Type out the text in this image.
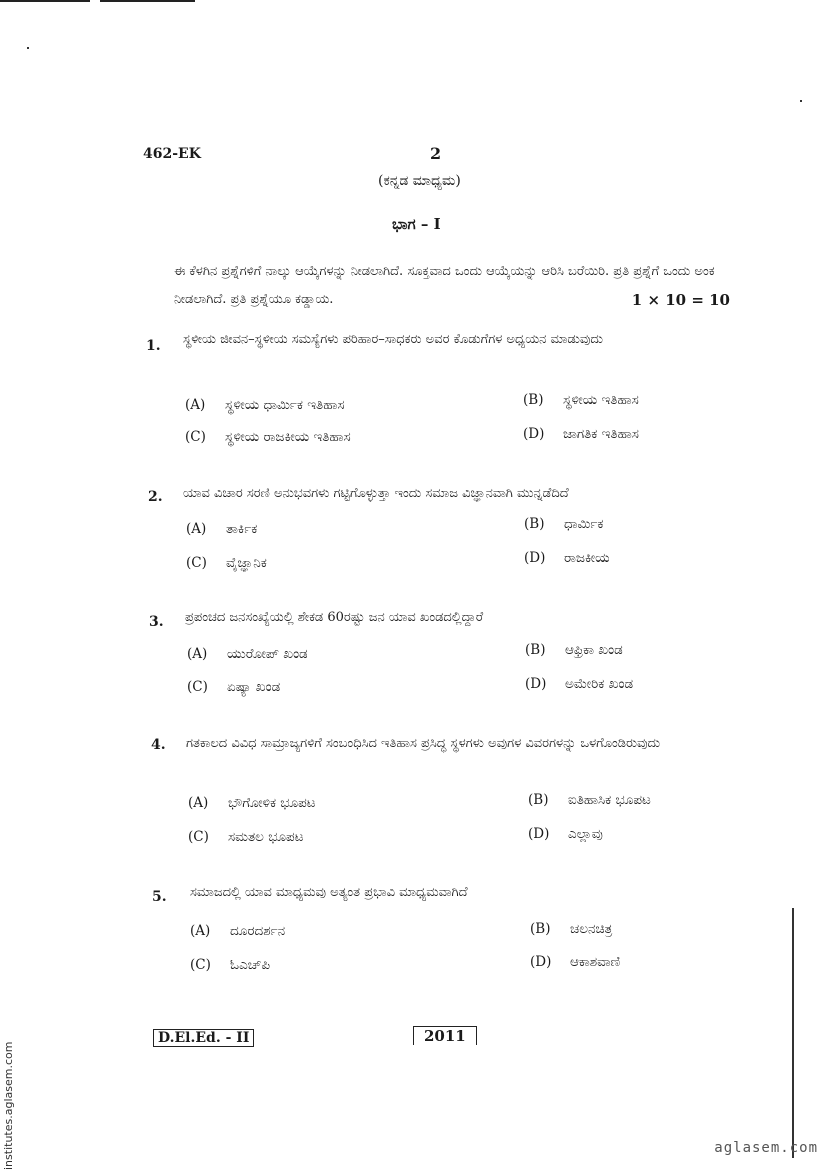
462-EK	2
(ಕನ್ನಡ ಮಾಧ್ಯಮ)
ಭಾಗ – I
ಈ ಕೆಳಗಿನ ಪ್ರಶ್ನೆಗಳಿಗೆ ನಾಲ್ಕು ಆಯ್ಕೆಗಳನ್ನು ನೀಡಲಾಗಿದೆ. ಸೂಕ್ತವಾದ ಒಂದು ಆಯ್ಕೆಯನ್ನು ಆರಿಸಿ ಬರೆಯಿರಿ. ಪ್ರತಿ ಪ್ರಶ್ನೆಗೆ ಒಂದು ಅಂಕ ನೀಡಲಾಗಿದೆ. ಪ್ರತಿ ಪ್ರಶ್ನೆಯೂ ಕಡ್ಡಾಯ.	1 × 10 = 10
1. ಸ್ಥಳೀಯ ಜೀವನ–ಸ್ಥಳೀಯ ಸಮಸ್ಯೆಗಳು ಪರಿಹಾರ–ಸಾಧಕರು ಅವರ ಕೊಡುಗೆಗಳ ಅಧ್ಯಯನ ಮಾಡುವುದು
(A) ಸ್ಥಳೀಯ ಧಾರ್ಮಿಕ ಇತಿಹಾಸ	(B) ಸ್ಥಳೀಯ ಇತಿಹಾಸ
(C) ಸ್ಥಳೀಯ ರಾಜಕೀಯ ಇತಿಹಾಸ	(D) ಜಾಗತಿಕ ಇತಿಹಾಸ
2. ಯಾವ ವಿಚಾರ ಸರಣಿ ಅನುಭವಗಳು ಗಟ್ಟಿಗೊಳ್ಳುತ್ತಾ ಇಂದು ಸಮಾಜ ವಿಜ್ಞಾನವಾಗಿ ಮುನ್ನಡೆದಿದೆ
(A) ತಾರ್ಕಿಕ	(B) ಧಾರ್ಮಿಕ
(C) ವೈಜ್ಞಾನಿಕ	(D) ರಾಜಕೀಯ
3. ಪ್ರಪಂಚದ ಜನಸಂಖ್ಯೆಯಲ್ಲಿ ಶೇಕಡ 60ರಷ್ಟು ಜನ ಯಾವ ಖಂಡದಲ್ಲಿದ್ದಾರೆ
(A) ಯುರೋಪ್ ಖಂಡ	(B) ಆಫ್ರಿಕಾ ಖಂಡ
(C) ಏಷ್ಯಾ ಖಂಡ	(D) ಅಮೇರಿಕ ಖಂಡ
4. ಗತಕಾಲದ ವಿವಿಧ ಸಾಮ್ರಾಜ್ಯಗಳಿಗೆ ಸಂಬಂಧಿಸಿದ ಇತಿಹಾಸ ಪ್ರಸಿದ್ಧ ಸ್ಥಳಗಳು ಅವುಗಳ ವಿವರಗಳನ್ನು ಒಳಗೊಂಡಿರುವುದು
(A) ಭೌಗೋಳಿಕ ಭೂಪಟ	(B) ಐತಿಹಾಸಿಕ ಭೂಪಟ
(C) ಸಮತಲ ಭೂಪಟ	(D) ಎಲ್ಲಾವು
5. ಸಮಾಜದಲ್ಲಿ ಯಾವ ಮಾಧ್ಯಮವು ಅತ್ಯಂತ ಪ್ರಭಾವಿ ಮಾಧ್ಯಮವಾಗಿದೆ
(A) ದೂರದರ್ಶನ	(B) ಚಲನಚಿತ್ರ
(C) ಓಎಚ್‌ಪಿ	(D) ಆಕಾಶವಾಣಿ
D.El.Ed. - II	2011
institutes.aglasem.com	aglasem.com
